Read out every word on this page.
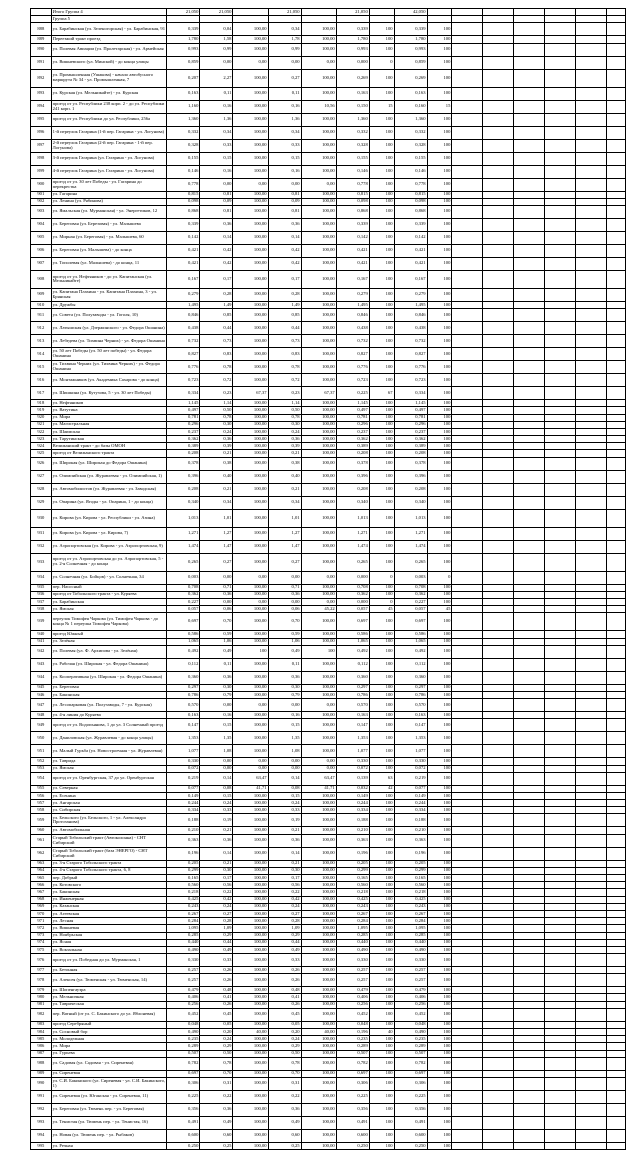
	Итого Группа 4	21,050	21,050		21,050		21,050		42,050							
	Группа 5															
888	ул. Барабинская (ул. Зеленогорская) - ул. Барабинская, 91	0,339	0,04	100,00	0,34	100,00	0,339	100	0,339	100						
889	Переезжий тракт проезд	1,780	1,58	100,00	1,78	100,00	1,780	100	1,780	100						
890	ул. Полевая Авиации (ул. Пролетарская) - ул. Армейская	0,993	0,99	100,00	0,99	100,00	0,993	100	0,993	100						
891	ул. Вишневского (ул. Минской) - до конца улицы	0,859	0,00	0,00	0,00	0,00	0,000	0	0,859	100						
892	ул. Промышленная (Ушакова) - начало автобусного маршрута № 34 - ул. Промышленная, 7	0,207	2,27	100,00	0,27	100,00	0,269	100	0,269	100						
893	ул. Курская (ул. Мельникайте) - ул. Курская	0,163	0,11	100,00	0,11	100,00	0,163	100	0,163	100						
894	проезд от ул. Республики 238 корп. 2 - до ул. Республики 241 корп. 1	1,160	0,16	100,00	0,16	10,56	0,150	15	0,160	15						
895	проезд от ул. Республики до ул. Республики, 256а	1,360	1,36	100,00	1,36	100,00	1,360	100	1,360	100						
896	1-й переулок Гагарина (1-й пер. Гагарина - ул. Логунова)	0,332	0,34	100,00	0,34	100,00	0,332	100	0,332	100						
897	2-й переулок Гагарина (2-й пер. Гагарина - 1-й пер. Логунова)	0,328	0,33	100,00	0,33	100,00	0,328	100	0,328	100						
898	3-й переулок Гагарина (ул. Гагарина - ул. Логунова)	0,155	0,15	100,00	0,15	100,00	0,155	100	0,155	100						
899	4-й переулок Гагарина (ул. Гагарина - ул. Логунова)	0,146	0,16	100,00	0,16	100,00	0,146	100	0,146	100						
900	проезд от ул. 30 лет Победы - ул. Гагарина до перекрестка	0,778	0,00	0,00	0,00	0,00	0,778	100	0,778	100						
901	ул. Гагарина	0,815	0,81	100,00	0,81	100,00	0,815	100	0,815	100						
902	ул. Ленина (ул. Рябинова)	0,098	0,09	100,00	0,09	100,00	0,098	100	0,098	100						
903	ул. Ямальская (ул. Мурманская) - ул. Энергетиков, 12	0,868	0,81	100,00	0,81	100,00	0,868	100	0,868	100						
904	ул. Береговая (ул. Березовая) - ул. Малышева	0,339	0,36	100,00	0,36	100,00	0,339	100	0,339	100						
905	ул. Мирная (ул. Береговая) - ул. Малышева, 60	0,142	0,14	100,00	0,14	100,00	0,142	100	0,142	100						
906	ул. Береговая (ул. Малышева) - до конца	0,421	0,42	100,00	0,42	100,00	0,421	100	0,421	100						
907	ул. Тополевая (ул. Малышева) - до конца, 11	0,421	0,42	100,00	0,42	100,00	0,421	100	0,421	100						
908	проезд от ул. Нефтяников - до ул. Капитанская (ул. Мельникайте)	0,167	0,17	100,00	0,17	100,00	0,167	100	0,167	100						
909	ул. Капитана Плахина - ул. Капитана Плахина, 3 - ул. Брянская	0,279	0,28	100,00	0,28	100,00	0,279	100	0,279	100						
910	ул. Дружбы	1,495	1,49	100,00	1,49	100,00	1,495	100	1,495	100						
911	ул. Совета (ул. Полузаводы - ул. Гоголя, 10)	0,846	0,85	100,00	0,85	100,00	0,846	100	0,846	100						
912	ул. Латышская (ул. Дзержинского - ул. Федора Ошанина)	0,438	0,44	100,00	0,44	100,00	0,438	100	0,438	100						
913	ул. Лебедева (ул. Тихвина Черних) - ул. Федора Ошанина	0,732	0,73	100,00	0,73	100,00	0,732	100	0,732	100						
914	ул. 50 лет Победы (ул. 50 лет победы) - ул. Федора Ошанина	0,827	0,83	100,00	0,83	100,00	0,827	100	0,827	100						
915	ул. Тихвина Черних (ул. Тихвина Черних) - ул. Федора Ошанина	0,776	0,78	100,00	0,78	100,00	0,776	100	0,776	100						
916	ул. Монтажников (ул. Академика Сахарова - до конца)	0,723	0,72	100,00	0,72	100,00	0,723	100	0,723	100						
917	ул. Шишкина (ул. Кутузова, 5 - ул. 30 лет Победы)	0,334	0,23	67,37	0,23	67,37	0,225	67	0,334	100						
918	ул. Нефтяников	1,145	1,14	100,00	1,14	100,00	1,145	100	1,145	100						
919	ул. Ватутина	0,497	0,50	100,00	0,50	100,00	0,497	100	0,497	100						
920	ул. Мира	0,781	0,78	100,00	0,78	100,00	0,781	100	0,781	100						
921	ул. Магистральная	0,296	0,30	100,00	0,30	100,00	0,296	100	0,296	100						
922	ул. Шаимская	0,237	0,24	100,00	0,24	100,00	0,237	100	0,237	100						
923	ул. Тарутинская	0,362	0,36	100,00	0,36	100,00	0,362	100	0,362	100						
924	Велижанский тракт - до базы ОМОН	0,389	0,39	100,00	0,39	100,00	0,389	100	0,389	100						
925	проезд от Велижанского тракта	0,208	0,21	100,00	0,21	100,00	0,208	100	0,208	100						
926	ул. Широкая (ул. Широкая до Федора Ошанина)	0,378	0,38	100,00	0,38	100,00	0,378	100	0,378	100						
927	ул. Олимпийская (ул. Журавлевая - ул. Олимпийская, 1)	0,396	0,40	100,00	0,40	100,00	0,396	100	0,396	100						
928	ул. Автомобилистов (ул. Журавлевая - ул. Заводская)	0,208	0,21	100,00	0,21	100,00	0,208	100	0,208	100						
929	ул. Опарина (ул. Ягоды - ул. Опарина, 1 - до конца)	0,340	0,34	100,00	0,34	100,00	0,340	100	0,340	100						
930	ул. Кирова (ул. Кирова - ул. Республики - ул. Азина)	1,013	1,01	100,00	1,01	100,00	1,013	100	1,013	100						
931	ул. Кирова (ул. Кирова - ул. Кирова, 7)	1,271	1,27	100,00	1,27	100,00	1,271	100	1,271	100						
932	ул. Аэропортовская (ул. Кирова - ул. Аэропортовская, 9)	1,474	1,47	100,00	1,47	100,00	1,474	100	1,474	100						
933	проезд от ул. Аэропортовская до ул. Аэропортовская, 5 - ул. 2-я Солнечная - до конца	0,265	0,27	100,00	0,27	100,00	0,265	100	0,265	100						
934	ул. Солнечная (ул. Бойцов) - ул. Солнечная, 34	0,003	0,00	0,00	0,00	0,00	0,000	0	0,003	0						
935	пер. Насосный	0,708	0,71	100,00	0,71	100,00	0,708	100	0,708	100						
936	проезд от Тобольского тракта - ул. Куряева	0,362	0,36	100,00	0,36	100,00	0,362	100	0,362	100						
937	ул. Барабинская	0,227	0,00	0,00	0,00	0,00	0,000	0	0,227	100						
938	ул. Ямская	0,057	0,06	100,00	0,06	45,22	0,057	45	0,057	45						
939	переулок Тимофея Чаркова (ул. Тимофея Чаркова - до конца № 1 переулка Тимофея Чаркова)	0,697	0,70	100,00	0,70	100,00	0,697	100	0,697	100						
940	проезд Южный	0,586	0,59	100,00	0,59	100,00	0,586	100	0,586	100						
941	ул. Зелёная	1,065	1,06	100,00	1,06	100,00	1,065	100	1,065	100						
942	ул. Полевая (ул. Ф. Архипова - ул. Зелёная)	0,492	0,49	100	0,49	100	0,492	100	0,492	100						
943	ул. Рабочая (ул. Широкая - ул. Федора Ошанина)	0,112	0,11	100,00	0,11	100,00	0,112	100	0,112	100						
944	ул. Кооперативная (ул. Широкая - ул. Федора Ошанина)	0,360	0,36	100,00	0,36	100,00	0,360	100	0,360	100						
945	ул. Береговая	0,297	0,30	100,00	0,30	100,00	0,297	100	0,297	100						
946	ул. Бакинская	0,786	0,79	100,00	0,79	100,00	0,786	100	0,786	100						
947	ул. Лесопарковая (ул. Полузаводы, 7 - ул. Курская)	0,570	0,00	0,00	0,00	0,00	0,570	100	0,570	100						
948	ул. 4-я линия до Куряева	0,163	0,16	100,00	0,16	100,00	0,163	100	0,163	100						
949	проезд от ул. Водопьянова, 1 до ул. 3 Солнечный проезд	0,147	0,15	100,00	0,15	100,00	0,147	100	0,147	100						
950	ул. Даниловская (ул. Журавлевая - до конца улицы)	1,353	1,35	100,00	1,35	100,00	1,353	100	1,353	100						
951	ул. Малый Гурьба (ул. Новостроечная - ул. Журавлевая)	1,077	1,08	100,00	1,08	100,00	1,077	100	1,077	100						
952	ул. Таврида	0,330	0,00	0,00	0,00	0,00	0,330	100	0,330	100						
953	ул. Ямская	0,072	0,00	0,00	0,00	0,00	0,072	100	0,072	100						
954	проезд от ул. Оренбургская, 37 до ул. Оренбургская	0,219	0,14	63,47	0,14	63,47	0,139	63	0,219	100						
955	ул. Северная	0,077	0,08	41,71	0,08	41,71	0,032	42	0,077	100						
956	ул. Есенина	0,149	0,15	100,00	0,15	100,00	0,149	100	0,149	100						
957	ул. Ангарская	0,244	0,24	100,00	0,24	100,00	0,244	100	0,244	100						
958	ул. Сибирская	0,334	0,33	100,00	0,33	100,00	0,334	100	0,334	100						
959	ул. Бельского (ул. Бельского, 1 - ул. Александра Протозанова)	0,188	0,19	100,00	0,19	100,00	0,188	100	0,188	100						
960	ул. Автомобильная	0,210	0,21	100,00	0,21	100,00	0,210	100	0,210	100						
961	Старый Тобольский тракт (Автоколонна) - СНТ Сибирский	0,363	0,36	100,00	0,36	100,00	0,363	100	0,363	100						
962	Старый Тобольский тракт (база ЭНЕРГО) - СНТ Сибирский	0,196	0,14	100,00	0,14	100,00	0,196	100	0,196	100						
963	ул. 3-я Старого Тобольского тракта	0,205	0,21	100,00	0,21	100,00	0,205	100	0,205	100						
964	ул. 4-я Старого Тобольского тракта, 6, 8	0,299	0,30	100,00	0,30	100,00	0,299	100	0,299	100						
965	пер. Добрый	0,165	0,17	100,00	0,17	100,00	0,165	100	0,165	100						
966	ул. Котовского	0,560	0,56	100,00	0,56	100,00	0,560	100	0,560	100						
967	ул. Бакинская	0,218	0,22	100,00	0,22	100,00	0,218	100	0,218	100						
968	ул. Инженерная	0,425	0,42	100,00	0,42	100,00	0,425	100	0,425	100						
969	ул. Казанская	0,243	0,24	100,00	0,24	100,00	0,243	100	0,243	100						
970	ул. Агеевская	0,267	0,27	100,00	0,27	100,00	0,267	100	0,267	100						
971	ул. Лесная	0,284	0,28	100,00	0,28	100,00	0,284	100	0,284	100						
972	ул. Вишневая	1,095	1,09	100,00	1,09	100,00	1,095	100	1,095	100						
973	ул. Ноябрьская	0,285	0,29	100,00	0,29	100,00	0,285	100	0,285	100						
974	ул. Ясная	0,440	0,44	100,00	0,44	100,00	0,440	100	0,440	100						
975	ул. Вокзальная	0,490	0,49	100,00	0,49	100,00	0,490	100	0,490	100						
976	проезд от ул. Победная до ул. Мурманская, 1	0,330	0,33	100,00	0,33	100,00	0,330	100	0,330	100						
977	ул. Бетонная	0,257	0,26	100,00	0,26	100,00	0,257	100	0,257	100						
978	ул. Алексея (ул. Тюменская - ул. Тюменская, 14)	0,257	0,26	100,00	0,26	100,00	0,257	100	0,257	100						
979	ул. Шопенгауэра	0,479	0,48	100,00	0,48	100,00	0,479	100	0,479	100						
980	ул. Мельничная	0,406	0,41	100,00	0,41	100,00	0,406	100	0,406	100						
981	ул. Таврическая	0,256	0,26	100,00	0,26	100,00	0,256	100	0,256	100						
982	пер. Ватный (от ул. С. Бакинского до ул. Яблоневая)	0,452	0,45	100,00	0,45	100,00	0,452	100	0,452	100						
983	проезд Серебряный	0,048	0,05	100,00	0,05	100,00	0,048	100	0,048	100						
984	ул. Сосновый бор	0,490	0,20	40,00	0,20	40,00	0,196	40	0,490	100						
985	ул. Молодежная	0,235	0,24	100,00	0,24	100,00	0,235	100	0,235	100						
986	ул. Мира	0,289	0,29	100,00	0,29	100,00	0,289	100	0,289	100						
987	ул. Гурьева	0,507	0,50	100,00	0,50	100,00	0,507	100	0,507	100						
988	ул. Садовая (ул. Садовая - ул. Сиреневая)	0,782	0,78	100,00	0,78	100,00	0,782	100	0,782	100						
989	ул. Сиреневая	0,697	0,70	100,00	0,70	100,00	0,697	100	0,697	100						
990	ул. С.И. Бакинского (ул. Сиреневая - ул. С.И. Бакинского, 1)	0,306	0,31	100,00	0,31	100,00	0,306	100	0,306	100						
991	ул. Сиреневая (ул. Юганская - ул. Сиреневая, 11)	0,225	0,22	100,00	0,22	100,00	0,225	100	0,225	100						
992	ул. Береговая (ул. Тюмень пер. - ул. Береговая)	0,356	0,36	100,00	0,36	100,00	0,356	100	0,356	100						
993	ул. Тенистая (ул. Тюмень пер. - ул. Тенистая, 16)	0,491	0,49	100,00	0,49	100,00	0,491	100	0,491	100						
994	ул. Новая (ул. Тюмень пер. - ул. Рыбаков)	0,600	0,60	100,00	0,60	100,00	0,600	100	0,600	100						
995	ул. Речная	0,250	0,25	100,00	0,25	100,00	0,250	100	0,250	100						
